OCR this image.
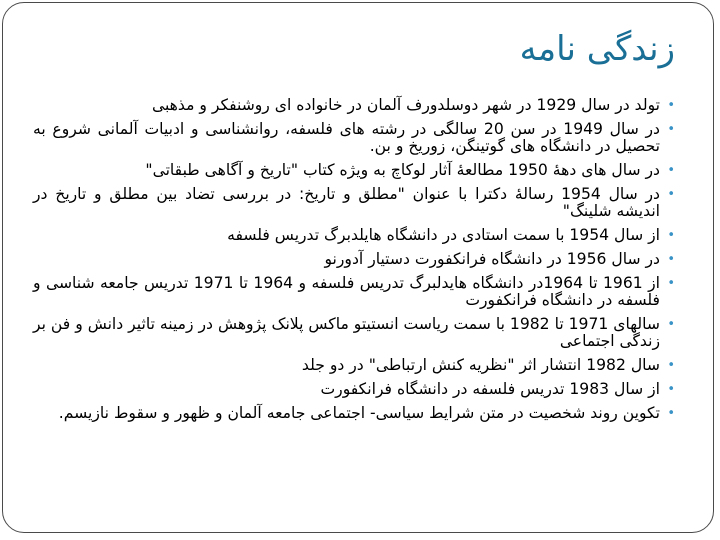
زندگی نامه
•
تولد در سال 1929 در شهر دوسلدورف آلمان در خانواده ای روشنفکر و مذهبی
•
در سال 1949 در سن 20 سالگی در رشته های فلسفه، روانشناسی و ادبیات آلمانی شروع به تحصیل در دانشگاه های گوتینگن، زوریخ و بن.
•
در سال های دهۀ 1950 مطالعۀ آثار لوکاچ به ویژه کتاب "تاریخ و آگاهی طبقاتی"
•
در سال 1954 رسالۀ دکترا با عنوان "مطلق و تاریخ: در بررسی تضاد بین مطلق و تاریخ در اندیشه شلینگ"
•
از سال 1954 با سمت استادی در دانشگاه هایلدبرگ تدریس فلسفه
•
در سال 1956 در دانشگاه فرانکفورت دستیار آدورنو
•
از 1961 تا 1964در دانشگاه هایدلبرگ تدریس فلسفه و 1964 تا 1971 تدریس جامعه شناسی و فلسفه در دانشگاه فرانکفورت
•
سالهای 1971 تا 1982 با سمت ریاست انستیتو ماکس پلانک پژوهش در زمینه تاثیر دانش و فن بر زندگی اجتماعی
•
سال 1982 انتشار اثر "نظریه کنش ارتباطی" در دو جلد
•
از سال 1983 تدریس فلسفه در دانشگاه فرانکفورت
•
تکوین روند شخصیت در متن شرایط سیاسی- اجتماعی جامعه آلمان و ظهور و سقوط نازیسم.
